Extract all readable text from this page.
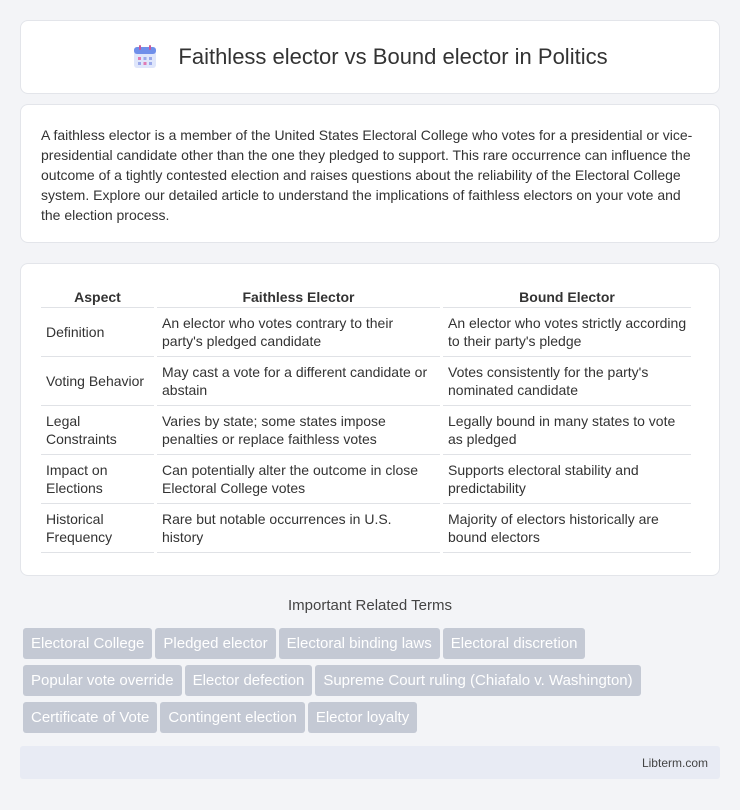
Faithless elector vs Bound elector in Politics

A faithless elector is a member of the United States Electoral College who votes for a presidential or vice-presidential candidate other than the one they pledged to support. This rare occurrence can influence the outcome of a tightly contested election and raises questions about the reliability of the Electoral College system. Explore our detailed article to understand the implications of faithless electors on your vote and the election process.

Aspect	Faithless Elector	Bound Elector
Definition	An elector who votes contrary to their party's pledged candidate	An elector who votes strictly according to their party's pledge
Voting Behavior	May cast a vote for a different candidate or abstain	Votes consistently for the party's nominated candidate
Legal Constraints	Varies by state; some states impose penalties or replace faithless votes	Legally bound in many states to vote as pledged
Impact on Elections	Can potentially alter the outcome in close Electoral College votes	Supports electoral stability and predictability
Historical Frequency	Rare but notable occurrences in U.S. history	Majority of electors historically are bound electors
Important Related Terms
Electoral College Pledged elector Electoral binding laws Electoral discretion
Popular vote override Elector defection Supreme Court ruling (Chiafalo v. Washington)
Certificate of Vote Contingent election Elector loyalty
Libterm.com
